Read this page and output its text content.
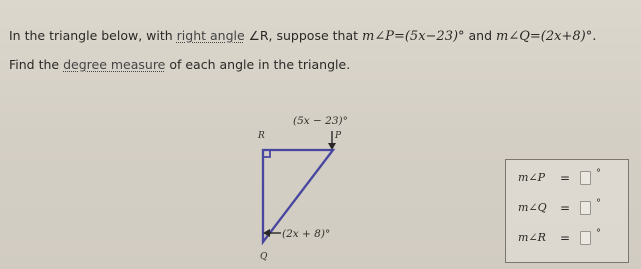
In the triangle below, with right angle ∠R, suppose that m∠P=(5x−23)° and m∠Q=(2x+8)°.
Find the degree measure of each angle in the triangle.
(5x − 23)°
R	P
(2x + 8)°
Q
m∠P	=	°
m∠Q	=	°
m∠R	=	°
